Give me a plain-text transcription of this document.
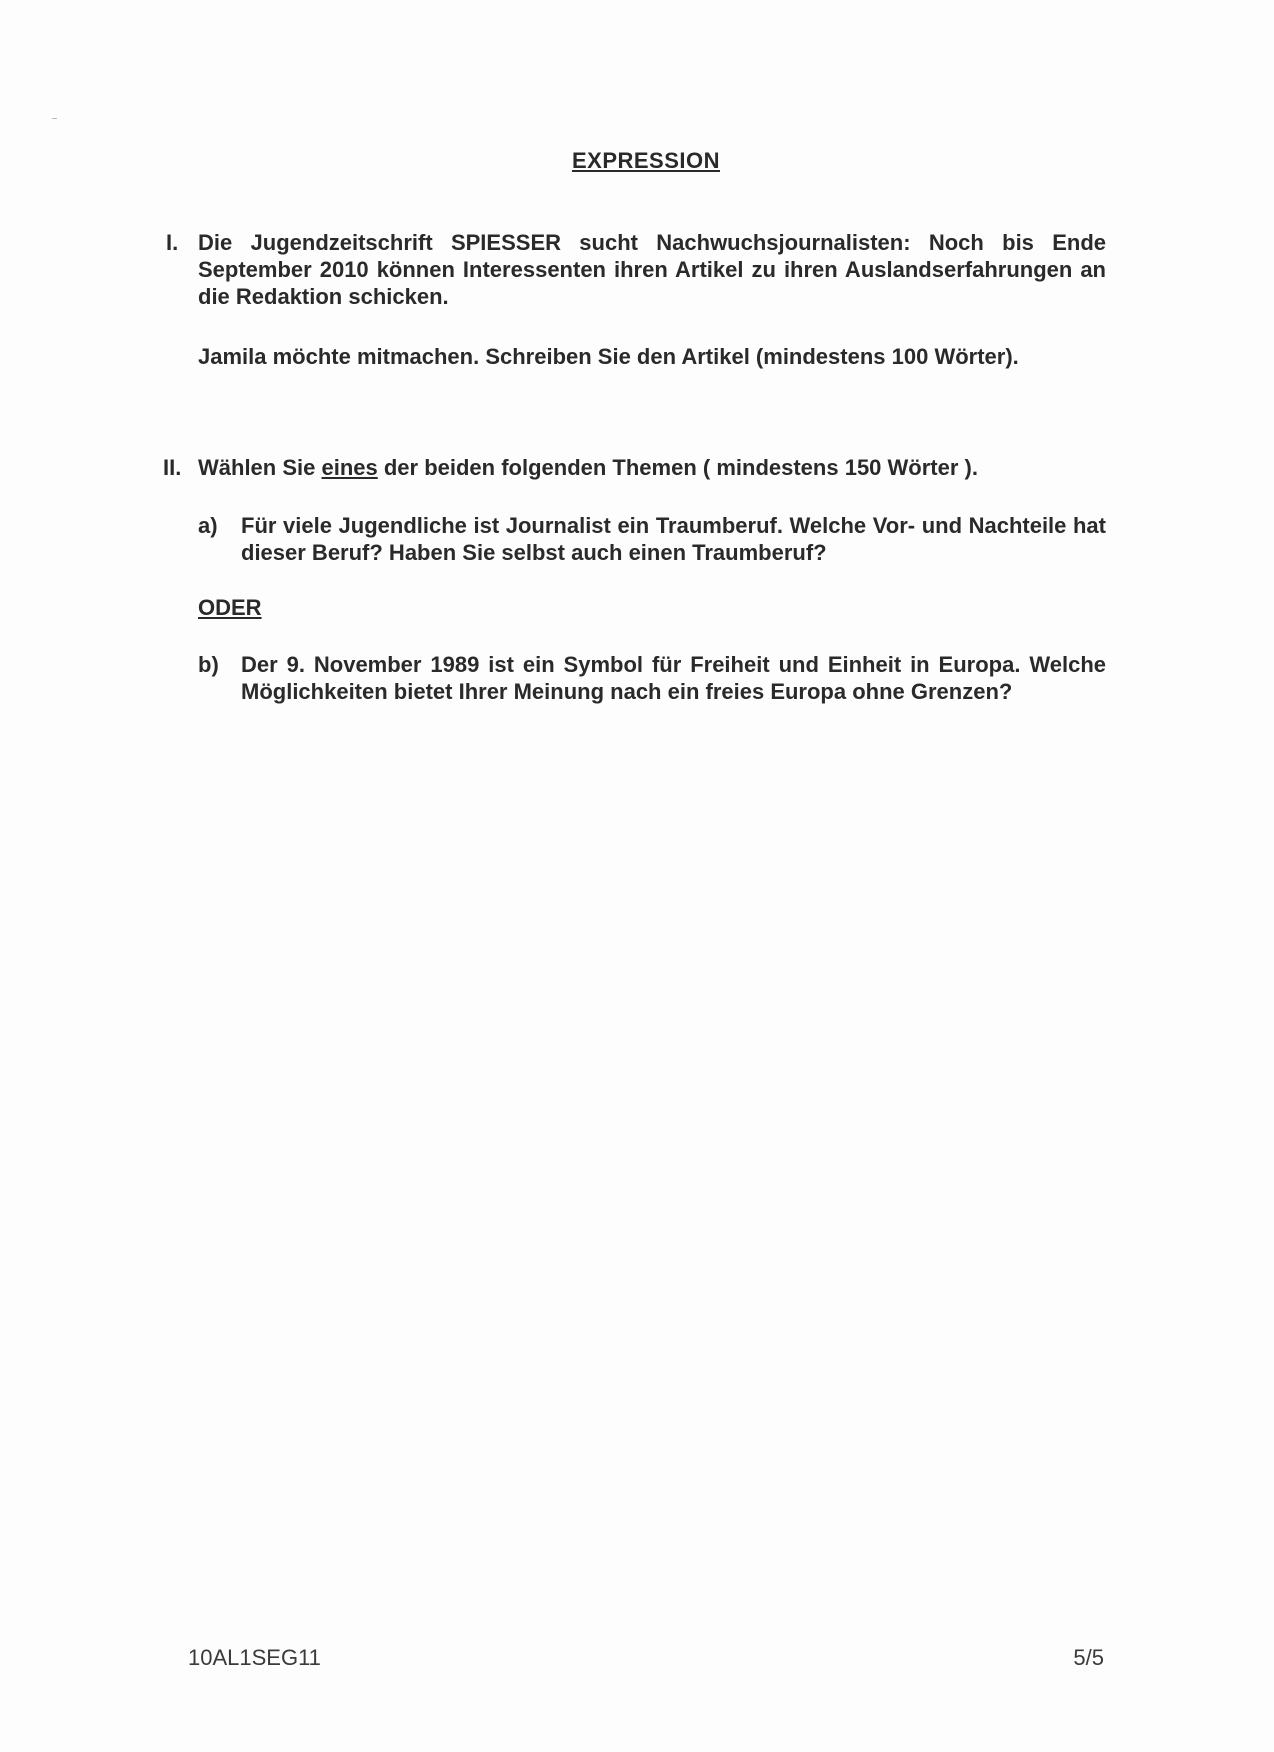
EXPRESSION
I. Die Jugendzeitschrift SPIESSER sucht Nachwuchsjournalisten: Noch bis Ende September 2010 können Interessenten ihren Artikel zu ihren Auslandserfahrungen an die Redaktion schicken.
Jamila möchte mitmachen. Schreiben Sie den Artikel (mindestens 100 Wörter).
II. Wählen Sie eines der beiden folgenden Themen ( mindestens 150 Wörter ).
a) Für viele Jugendliche ist Journalist ein Traumberuf. Welche Vor- und Nachteile hat dieser Beruf? Haben Sie selbst auch einen Traumberuf?
ODER
b) Der 9. November 1989 ist ein Symbol für Freiheit und Einheit in Europa. Welche Möglichkeiten bietet Ihrer Meinung nach ein freies Europa ohne Grenzen?
10AL1SEG11	5/5
